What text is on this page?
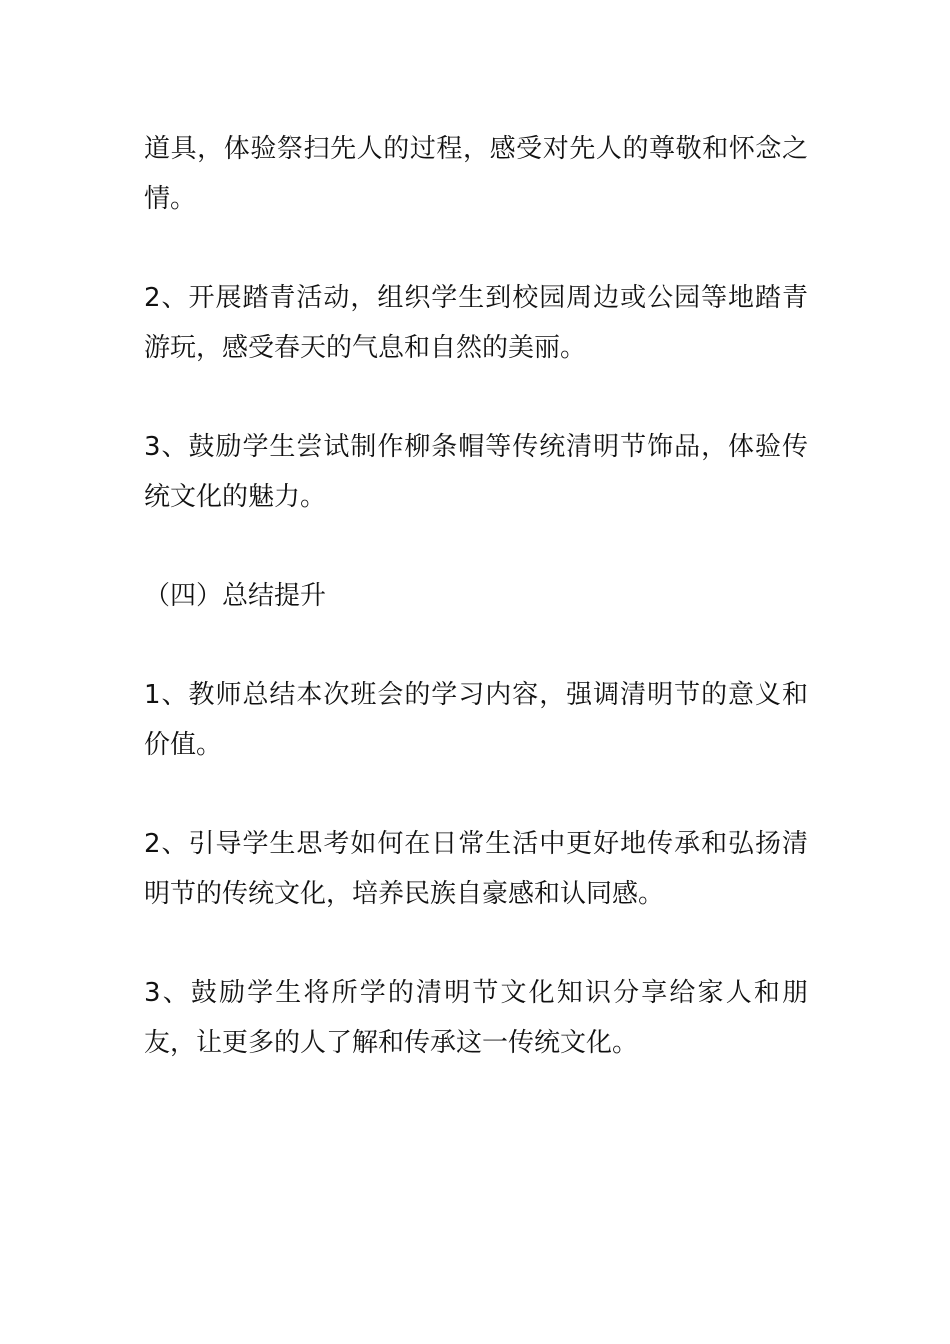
道具，体验祭扫先人的过程，感受对先人的尊敬和怀念之情。

2、开展踏青活动，组织学生到校园周边或公园等地踏青游玩，感受春天的气息和自然的美丽。

3、鼓励学生尝试制作柳条帽等传统清明节饰品，体验传统文化的魅力。

（四）总结提升

1、教师总结本次班会的学习内容，强调清明节的意义和价值。

2、引导学生思考如何在日常生活中更好地传承和弘扬清明节的传统文化，培养民族自豪感和认同感。

3、鼓励学生将所学的清明节文化知识分享给家人和朋友，让更多的人了解和传承这一传统文化。
